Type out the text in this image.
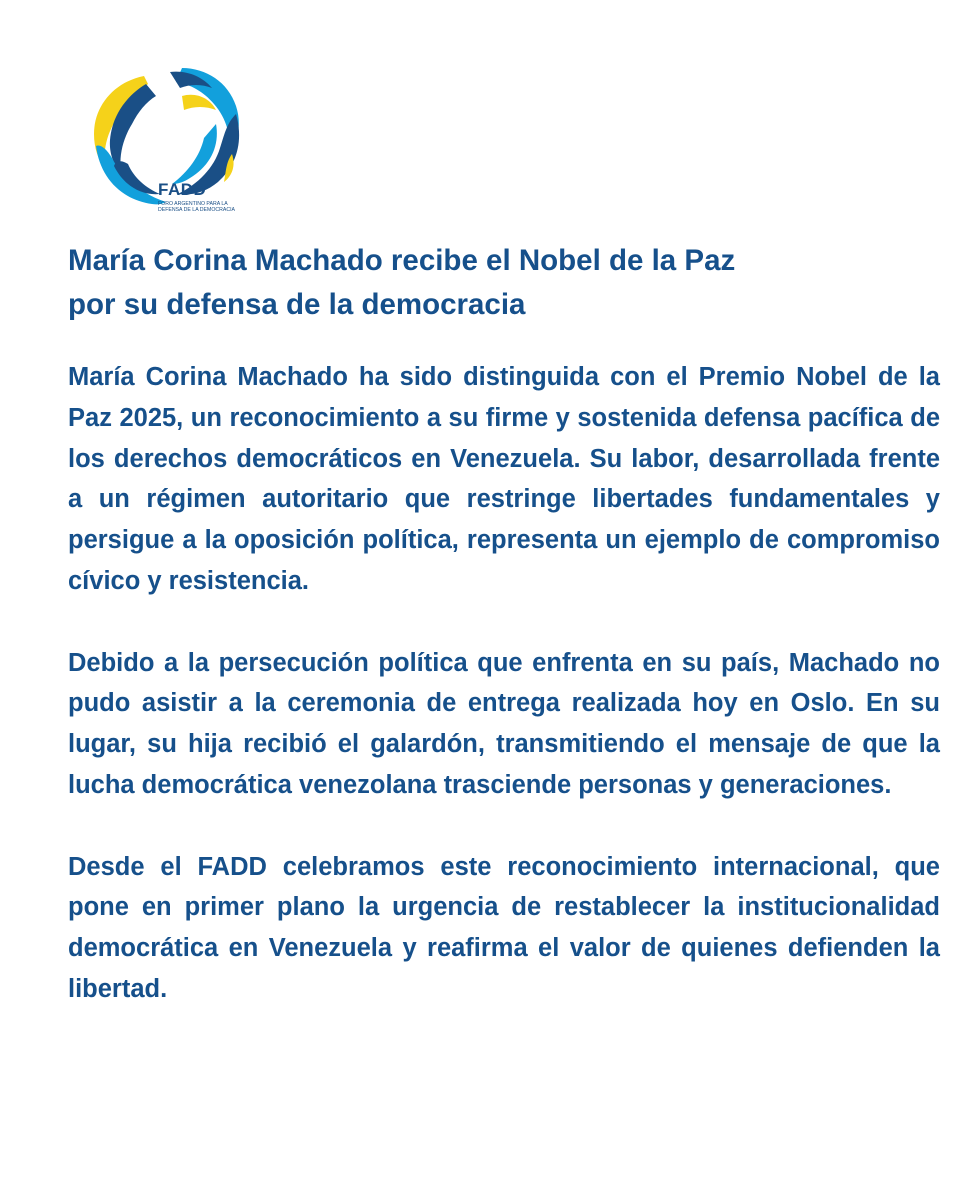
FADD
FORO ARGENTINO PARA LA DEFENSA DE LA DEMOCRACIA
María Corina Machado recibe el Nobel de la Paz
por su defensa de la democracia

María Corina Machado ha sido distinguida con el Premio Nobel de la Paz 2025, un reconocimiento a su firme y sostenida defensa pacífica de los derechos democráticos en Venezuela. Su labor, desarrollada frente a un régimen autoritario que restringe libertades fundamentales y persigue a la oposición política, representa un ejemplo de compromiso cívico y resistencia.

Debido a la persecución política que enfrenta en su país, Machado no pudo asistir a la ceremonia de entrega realizada hoy en Oslo. En su lugar, su hija recibió el galardón, transmitiendo el mensaje de que la lucha democrática venezolana trasciende personas y generaciones.

Desde el FADD celebramos este reconocimiento internacional, que pone en primer plano la urgencia de restablecer la institucionalidad democrática en Venezuela y reafirma el valor de quienes defienden la libertad.
